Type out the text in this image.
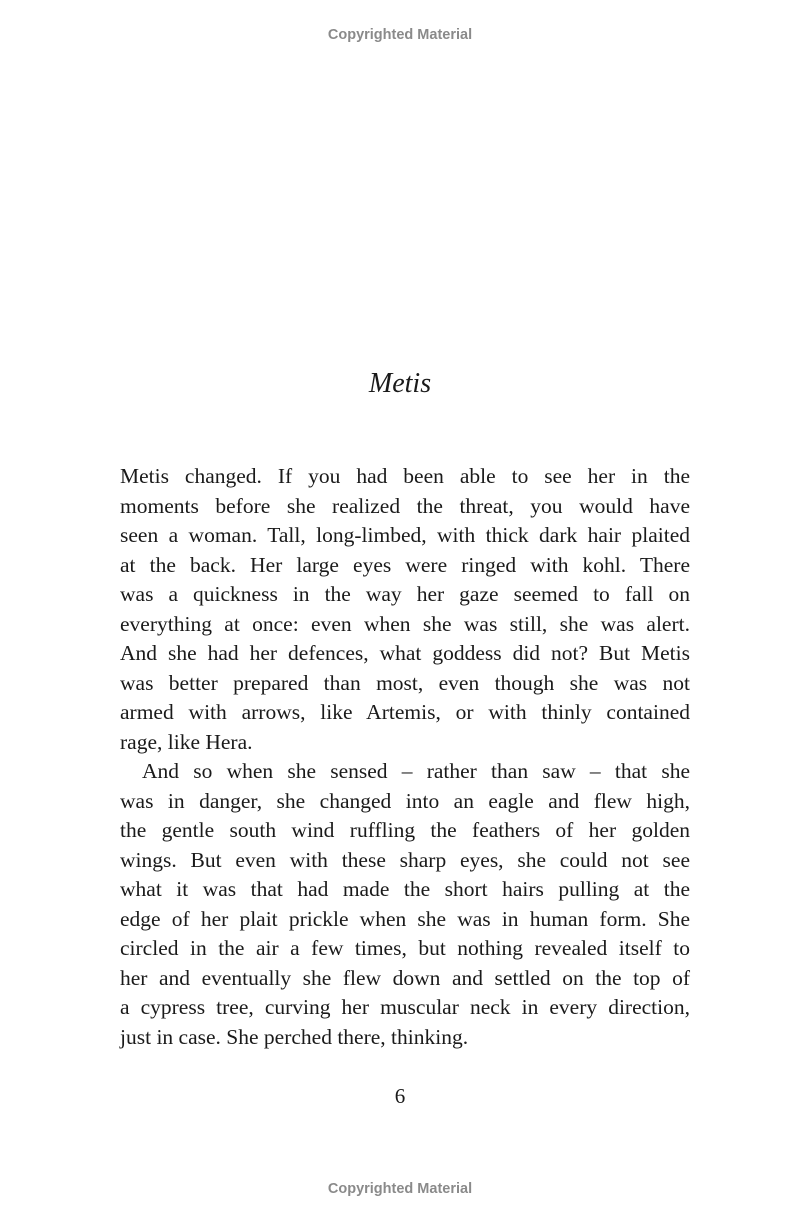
Copyrighted Material
Metis
Metis changed. If you had been able to see her in the
moments before she realized the threat, you would have
seen a woman. Tall, long-limbed, with thick dark hair plaited
at the back. Her large eyes were ringed with kohl. There
was a quickness in the way her gaze seemed to fall on
everything at once: even when she was still, she was alert.
And she had her defences, what goddess did not? But Metis
was better prepared than most, even though she was not
armed with arrows, like Artemis, or with thinly contained
rage, like Hera.
And so when she sensed – rather than saw – that she
was in danger, she changed into an eagle and flew high,
the gentle south wind ruffling the feathers of her golden
wings. But even with these sharp eyes, she could not see
what it was that had made the short hairs pulling at the
edge of her plait prickle when she was in human form. She
circled in the air a few times, but nothing revealed itself to
her and eventually she flew down and settled on the top of
a cypress tree, curving her muscular neck in every direction,
just in case. She perched there, thinking.
6
Copyrighted Material
